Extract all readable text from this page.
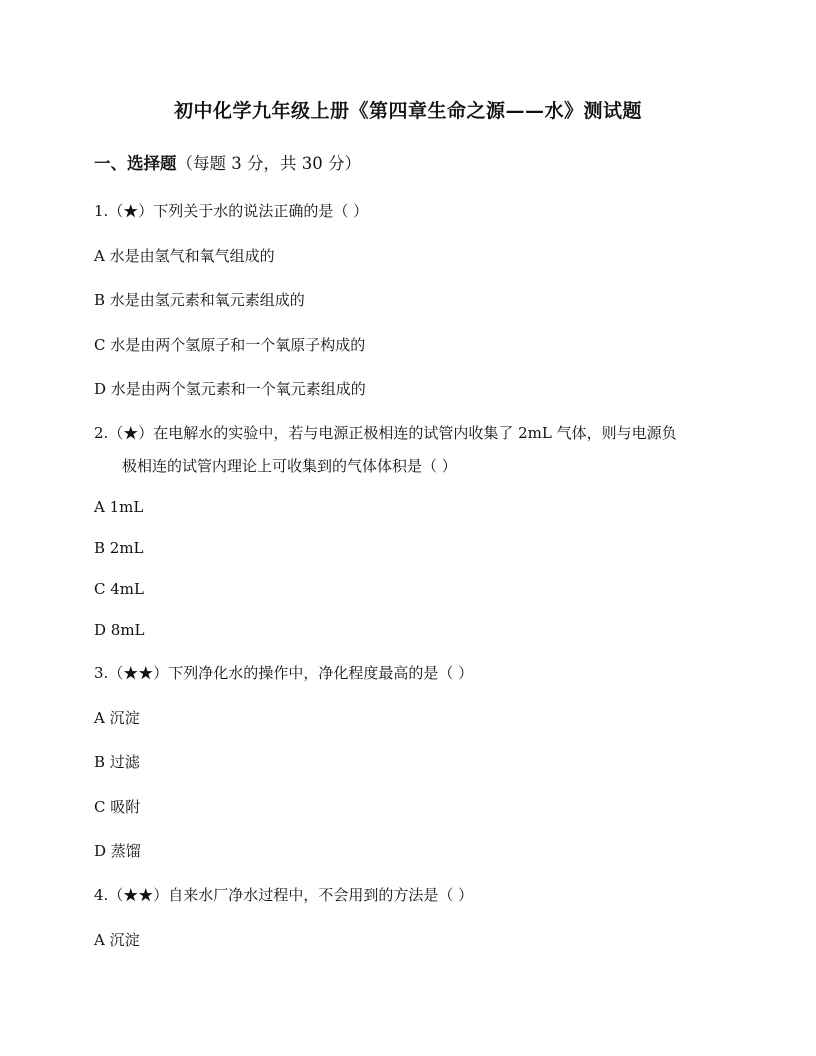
初中化学九年级上册《第四章生命之源——水》测试题
一、选择题（每题 3 分，共 30 分）
1.（★）下列关于水的说法正确的是（ ）
A 水是由氢气和氧气组成的
B 水是由氢元素和氧元素组成的
C 水是由两个氢原子和一个氧原子构成的
D 水是由两个氢元素和一个氧元素组成的
2.（★）在电解水的实验中，若与电源正极相连的试管内收集了 2mL 气体，则与电源负
极相连的试管内理论上可收集到的气体体积是（ ）
A 1mL
B 2mL
C 4mL
D 8mL
3.（★★）下列净化水的操作中，净化程度最高的是（ ）
A 沉淀
B 过滤
C 吸附
D 蒸馏
4.（★★）自来水厂净水过程中，不会用到的方法是（ ）
A 沉淀
